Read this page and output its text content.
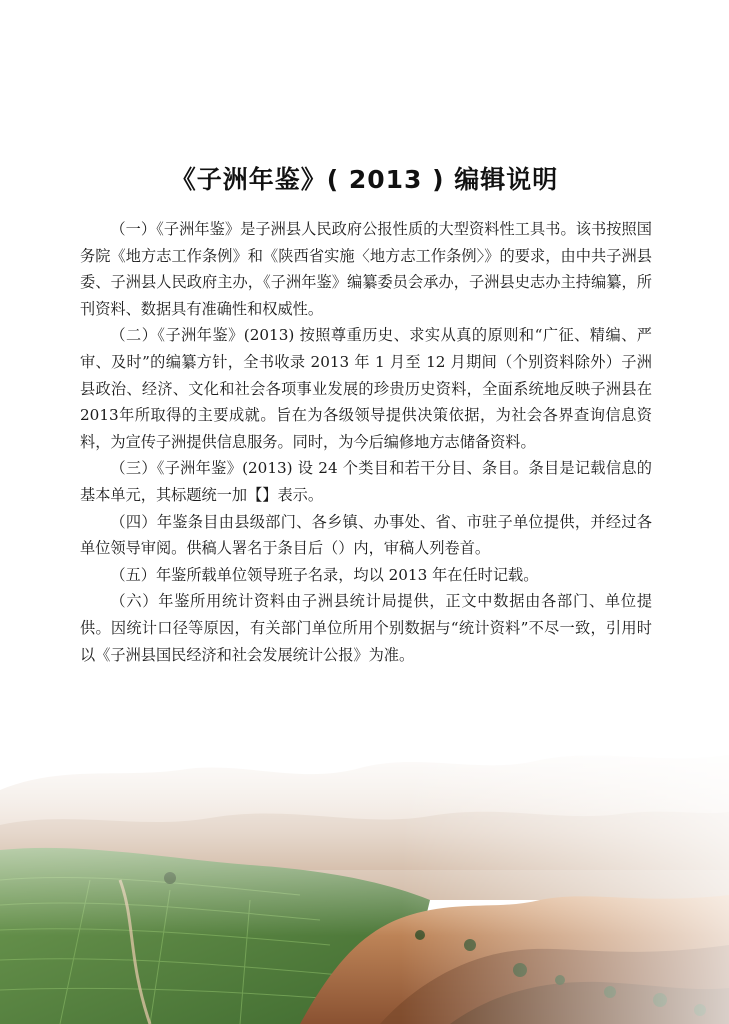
《子洲年鉴》( 2013 ) 编辑说明

（一）《子洲年鉴》是子洲县人民政府公报性质的大型资料性工具书。该书按照国务院《地方志工作条例》和《陕西省实施〈地方志工作条例〉》的要求，由中共子洲县委、子洲县人民政府主办，《子洲年鉴》编纂委员会承办，子洲县史志办主持编纂，所刊资料、数据具有准确性和权威性。

（二）《子洲年鉴》(2013) 按照尊重历史、求实从真的原则和“广征、精编、严审、及时”的编纂方针，全书收录 2013 年 1 月至 12 月期间（个别资料除外）子洲县政治、经济、文化和社会各项事业发展的珍贵历史资料，全面系统地反映子洲县在2013年所取得的主要成就。旨在为各级领导提供决策依据，为社会各界查询信息资料，为宣传子洲提供信息服务。同时，为今后编修地方志储备资料。

（三）《子洲年鉴》(2013) 设 24 个类目和若干分目、条目。条目是记载信息的基本单元，其标题统一加【】表示。

（四）年鉴条目由县级部门、各乡镇、办事处、省、市驻子单位提供，并经过各单位领导审阅。供稿人署名于条目后（）内，审稿人列卷首。

（五）年鉴所载单位领导班子名录，均以 2013 年在任时记载。

（六）年鉴所用统计资料由子洲县统计局提供，正文中数据由各部门、单位提供。因统计口径等原因，有关部门单位所用个别数据与“统计资料”不尽一致，引用时以《子洲县国民经济和社会发展统计公报》为准。
